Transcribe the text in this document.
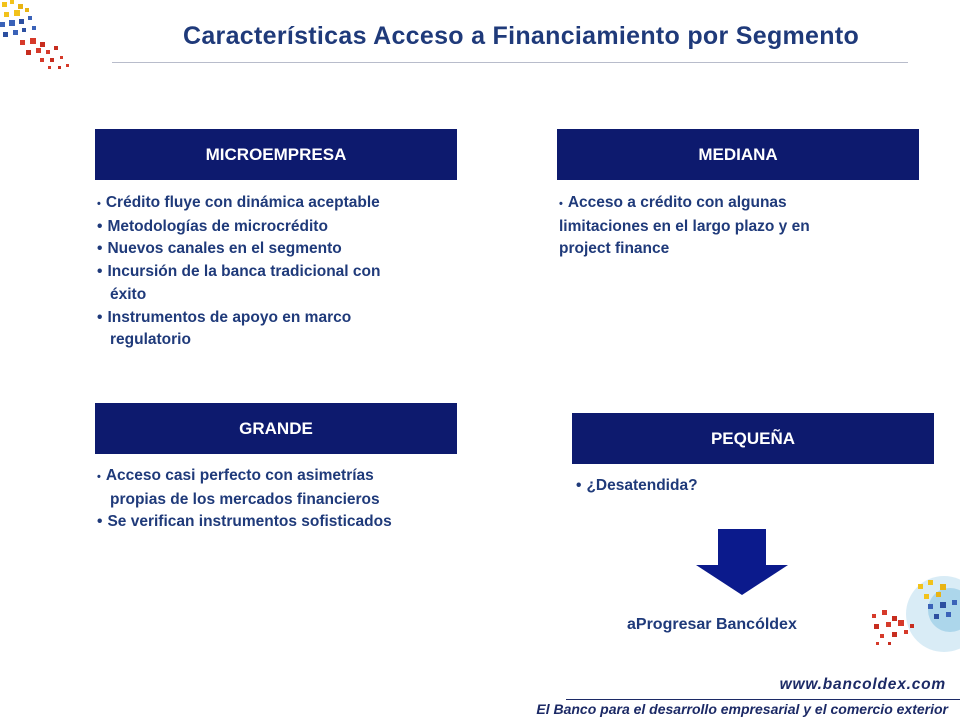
Características Acceso a Financiamiento por Segmento
MICROEMPRESA
• Crédito fluye con dinámica aceptable
• Metodologías de microcrédito
• Nuevos canales en el segmento
• Incursión de la banca tradicional con
éxito
• Instrumentos de apoyo en marco
regulatorio
MEDIANA
• Acceso a crédito con algunas
limitaciones en el largo plazo y en
project finance
GRANDE
• Acceso casi perfecto con asimetrías
propias de los mercados financieros
• Se verifican instrumentos sofisticados
PEQUEÑA
• ¿Desatendida?
aProgresar Bancóldex
www.bancoldex.com
El Banco para el desarrollo empresarial y el comercio exterior
